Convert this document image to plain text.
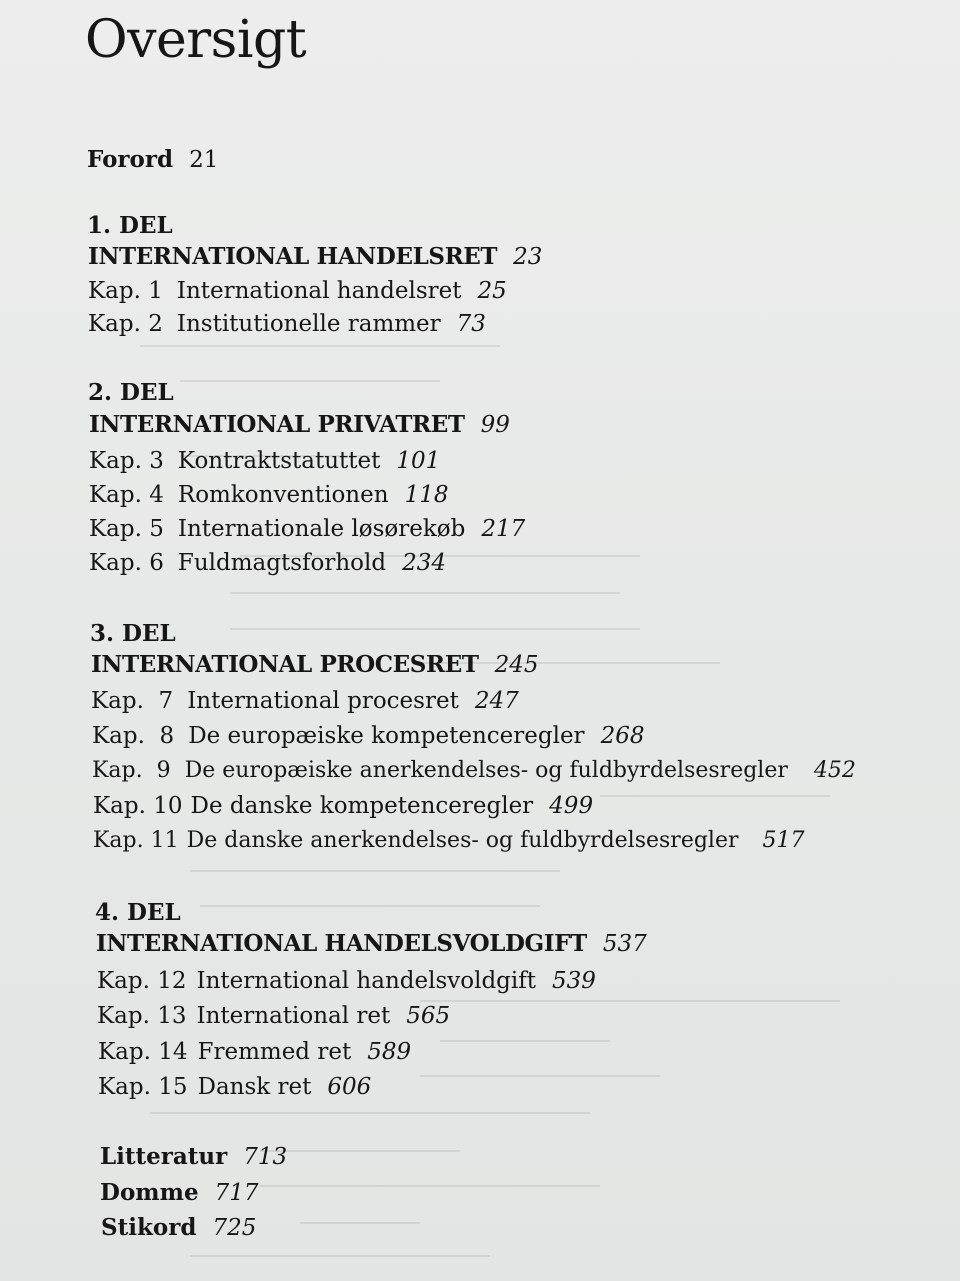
Oversigt
Forord 21
1. DEL
INTERNATIONAL HANDELSRET 23
Kap. 1 International handelsret 25
Kap. 2 Institutionelle rammer 73
2. DEL
INTERNATIONAL PRIVATRET 99
Kap. 3 Kontraktstatuttet 101
Kap. 4 Romkonventionen 118
Kap. 5 Internationale løsørekøb 217
Kap. 6 Fuldmagtsforhold 234
3. DEL
INTERNATIONAL PROCESRET 245
Kap.  7 International procesret 247
Kap.  8 De europæiske kompetenceregler 268
Kap.  9 De europæiske anerkendelses- og fuldbyrdelsesregler 452
Kap. 10 De danske kompetenceregler 499
Kap. 11 De danske anerkendelses- og fuldbyrdelsesregler 517
4. DEL
INTERNATIONAL HANDELSVOLDGIFT 537
Kap. 12 International handelsvoldgift 539
Kap. 13 International ret 565
Kap. 14 Fremmed ret 589
Kap. 15 Dansk ret 606
Litteratur 713
Domme 717
Stikord 725
